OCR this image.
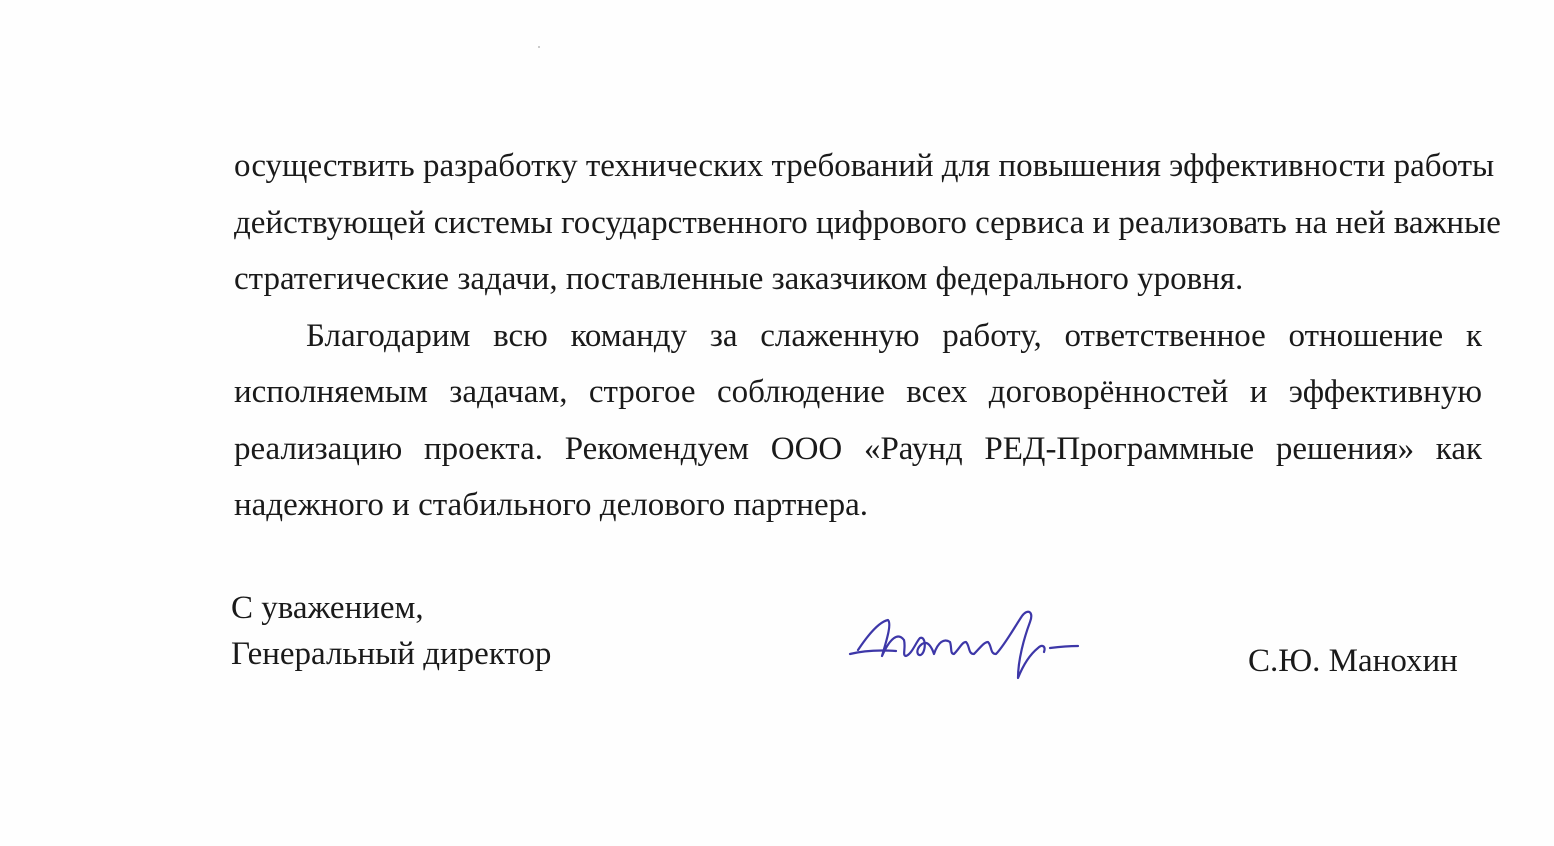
осуществить разработку технических требований для повышения эффективности работы
действующей системы государственного цифрового сервиса и реализовать на ней важные
стратегические задачи, поставленные заказчиком федерального уровня.
Благодарим всю команду за слаженную работу, ответственное отношение к исполняемым задачам, строгое соблюдение всех договорённостей и эффективную реализацию проекта. Рекомендуем ООО «Раунд РЕД-Программные решения» как надежного и стабильного делового партнера.
С уважением,
Генеральный директор	С.Ю. Манохин
